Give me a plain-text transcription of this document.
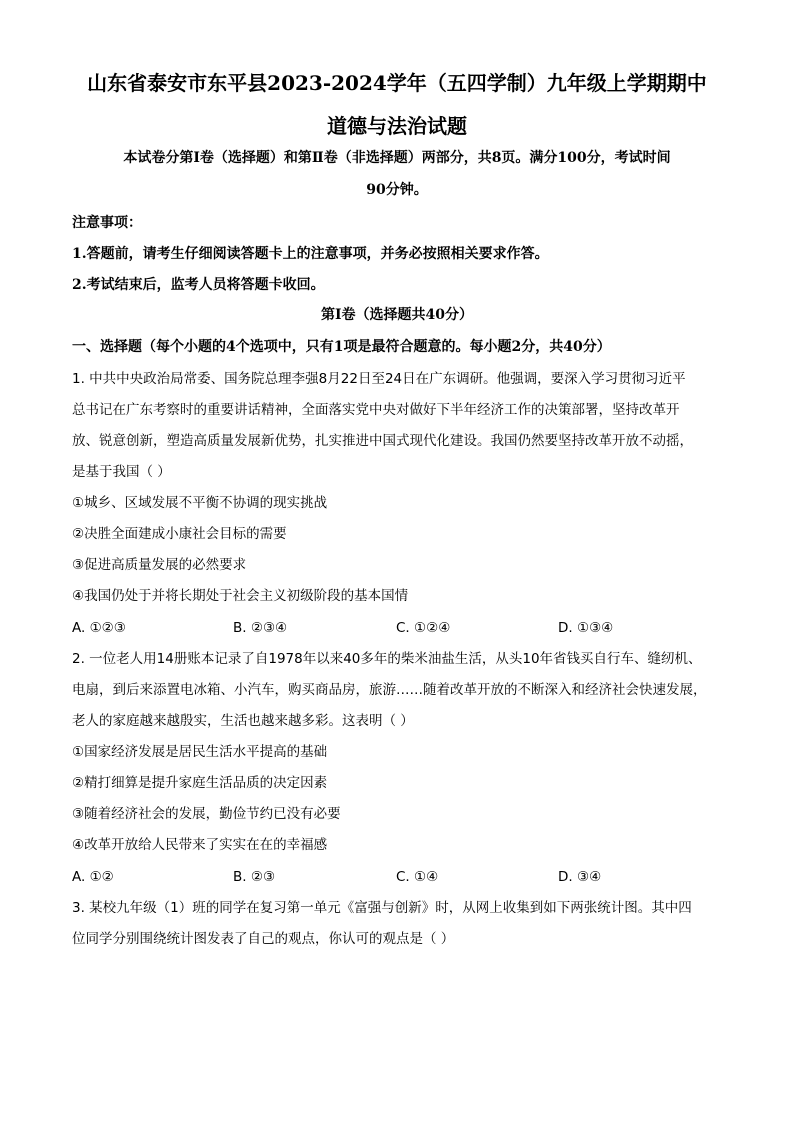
山东省泰安市东平县2023-2024学年（五四学制）九年级上学期期中
道德与法治试题
本试卷分第Ⅰ卷（选择题）和第Ⅱ卷（非选择题）两部分，共8页。满分100分，考试时间
90分钟。
注意事项：
1.答题前，请考生仔细阅读答题卡上的注意事项，并务必按照相关要求作答。
2.考试结束后，监考人员将答题卡收回。
第Ⅰ卷（选择题共40分）
一、选择题（每个小题的4个选项中，只有1项是最符合题意的。每小题2分，共40分）
1. 中共中央政治局常委、国务院总理李强8月22日至24日在广东调研。他强调，要深入学习贯彻习近平
总书记在广东考察时的重要讲话精神，全面落实党中央对做好下半年经济工作的决策部署，坚持改革开
放、锐意创新，塑造高质量发展新优势，扎实推进中国式现代化建设。我国仍然要坚持改革开放不动摇，
是基于我国（ ）
①城乡、区域发展不平衡不协调的现实挑战
②决胜全面建成小康社会目标的需要
③促进高质量发展的必然要求
④我国仍处于并将长期处于社会主义初级阶段的基本国情
A. ①②③	B. ②③④	C. ①②④	D. ①③④
2. 一位老人用14册账本记录了自1978年以来40多年的柴米油盐生活，从头10年省钱买自行车、缝纫机、
电扇，到后来添置电冰箱、小汽车，购买商品房，旅游……随着改革开放的不断深入和经济社会快速发展，
老人的家庭越来越殷实，生活也越来越多彩。这表明（ ）
①国家经济发展是居民生活水平提高的基础
②精打细算是提升家庭生活品质的决定因素
③随着经济社会的发展，勤俭节约已没有必要
④改革开放给人民带来了实实在在的幸福感
A. ①②	B. ②③	C. ①④	D. ③④
3. 某校九年级（1）班的同学在复习第一单元《富强与创新》时，从网上收集到如下两张统计图。其中四
位同学分别围绕统计图发表了自己的观点，你认可的观点是（ ）
